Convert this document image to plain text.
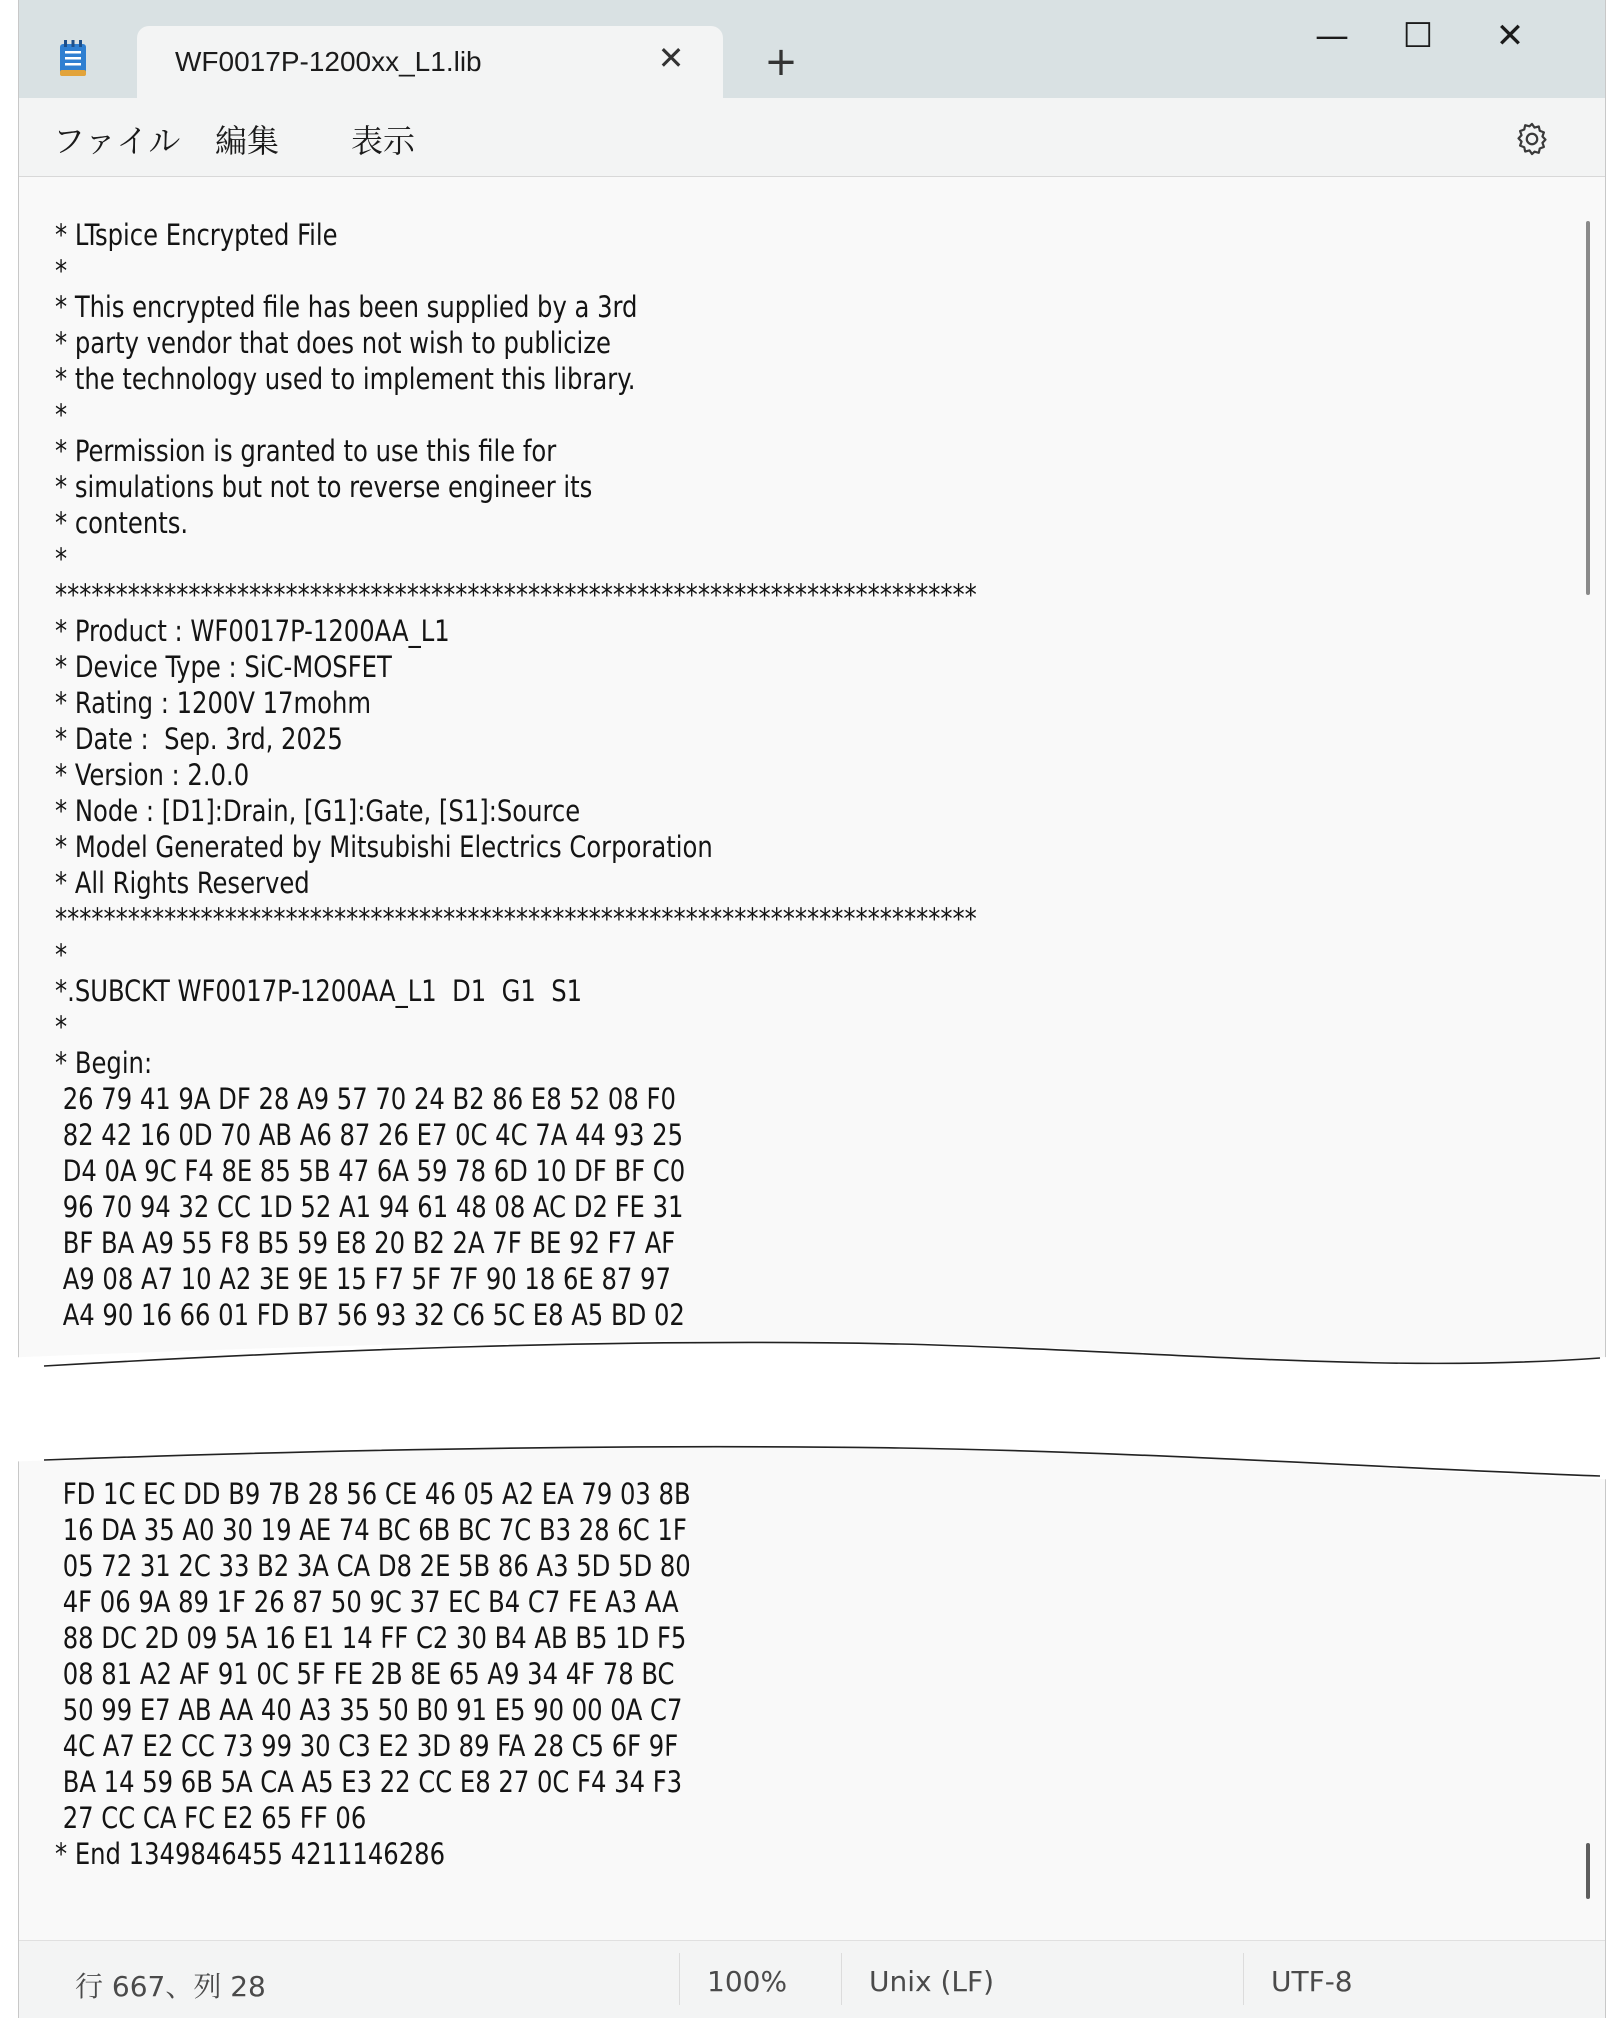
WF0017P-1200xx_L1.lib	✕ +
—	☐	✕
ファイル 編集 表示
* LTspice Encrypted File
*
* This encrypted file has been supplied by a 3rd
* party vendor that does not wish to publicize
* the technology used to implement this library.
*
* Permission is granted to use this file for
* simulations but not to reverse engineer its
* contents.
*
****************************************************************************
* Product : WF0017P-1200AA_L1
* Device Type : SiC-MOSFET
* Rating : 1200V 17mohm
* Date :  Sep. 3rd, 2025
* Version : 2.0.0
* Node : [D1]:Drain, [G1]:Gate, [S1]:Source
* Model Generated by Mitsubishi Electrics Corporation
* All Rights Reserved
****************************************************************************
*
*.SUBCKT WF0017P-1200AA_L1  D1  G1  S1
*
* Begin:
26 79 41 9A DF 28 A9 57 70 24 B2 86 E8 52 08 F0
82 42 16 0D 70 AB A6 87 26 E7 0C 4C 7A 44 93 25
D4 0A 9C F4 8E 85 5B 47 6A 59 78 6D 10 DF BF C0
96 70 94 32 CC 1D 52 A1 94 61 48 08 AC D2 FE 31
BF BA A9 55 F8 B5 59 E8 20 B2 2A 7F BE 92 F7 AF
A9 08 A7 10 A2 3E 9E 15 F7 5F 7F 90 18 6E 87 97
A4 90 16 66 01 FD B7 56 93 32 C6 5C E8 A5 BD 02
FD 1C EC DD B9 7B 28 56 CE 46 05 A2 EA 79 03 8B
16 DA 35 A0 30 19 AE 74 BC 6B BC 7C B3 28 6C 1F
05 72 31 2C 33 B2 3A CA D8 2E 5B 86 A3 5D 5D 80
4F 06 9A 89 1F 26 87 50 9C 37 EC B4 C7 FE A3 AA
88 DC 2D 09 5A 16 E1 14 FF C2 30 B4 AB B5 1D F5
08 81 A2 AF 91 0C 5F FE 2B 8E 65 A9 34 4F 78 BC
50 99 E7 AB AA 40 A3 35 50 B0 91 E5 90 00 0A C7
4C A7 E2 CC 73 99 30 C3 E2 3D 89 FA 28 C5 6F 9F
BA 14 59 6B 5A CA A5 E3 22 CC E8 27 0C F4 34 F3
27 CC CA FC E2 65 FF 06
* End 1349846455 4211146286
行 667、列 28	100%	Unix (LF)	UTF-8
